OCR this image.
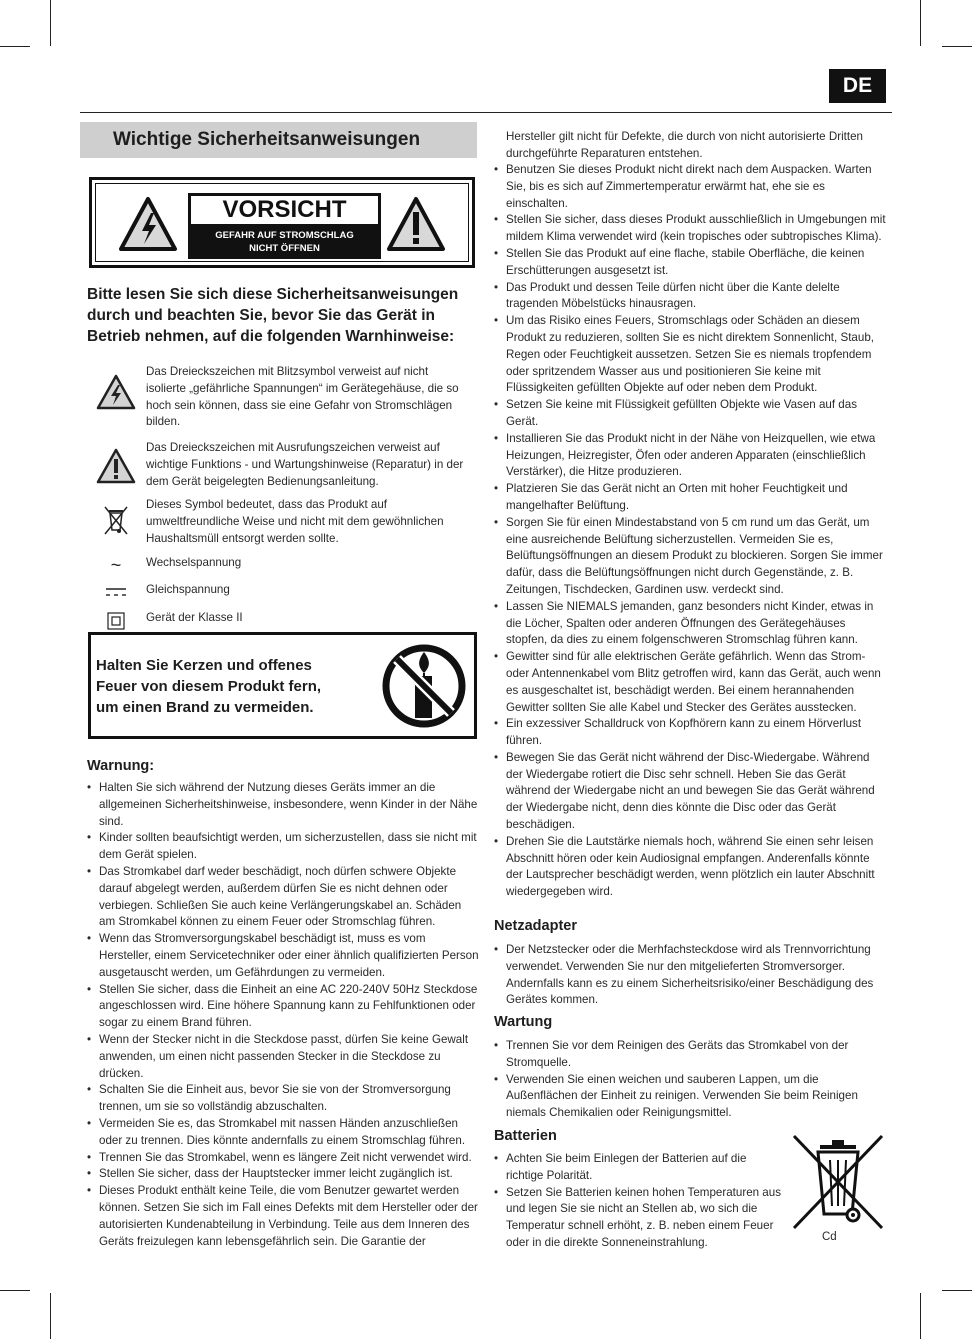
DE
Wichtige Sicherheitsanweisungen
VORSICHT
GEFAHR AUF STROMSCHLAG
NICHT ÖFFNEN
Bitte lesen Sie sich diese Sicherheitsanweisungen durch und beachten Sie, bevor Sie das Gerät in Betrieb nehmen, auf die folgenden Warnhinweise:
Das Dreieckszeichen mit Blitzsymbol verweist auf nicht isolierte „gefährliche Spannungen“ im Gerätegehäuse, die so hoch sein können, dass sie eine Gefahr von Stromschlägen bilden.
Das Dreieckszeichen mit Ausrufungszeichen verweist auf wichtige Funktions - und Wartungshinweise (Reparatur) in der dem Gerät beigelegten Bedienungsanleitung.
Dieses Symbol bedeutet, dass das Produkt auf umweltfreundliche Weise und nicht mit dem gewöhnlichen Haushaltsmüll entsorgt werden sollte.
~	Wechselspannung
Gleichspannung
Gerät der Klasse II
Halten Sie Kerzen und offenes Feuer von diesem Produkt fern, um einen Brand zu vermeiden.
Warnung:
• Halten Sie sich während der Nutzung dieses Geräts immer an die allgemeinen Sicherheitshinweise, insbesondere, wenn Kinder in der Nähe sind.
• Kinder sollten beaufsichtigt werden, um sicherzustellen, dass sie nicht mit dem Gerät spielen.
• Das Stromkabel darf weder beschädigt, noch dürfen schwere Objekte darauf abgelegt werden, außerdem dürfen Sie es nicht dehnen oder verbiegen. Schließen Sie auch keine Verlängerungskabel an. Schäden am Stromkabel können zu einem Feuer oder Stromschlag führen.
• Wenn das Stromversorgungskabel beschädigt ist, muss es vom Hersteller, einem Servicetechniker oder einer ähnlich qualifizierten Person ausgetauscht werden, um Gefährdungen zu vermeiden.
• Stellen Sie sicher, dass die Einheit an eine AC 220-240V 50Hz Steckdose angeschlossen wird. Eine höhere Spannung kann zu Fehlfunktionen oder sogar zu einem Brand führen.
• Wenn der Stecker nicht in die Steckdose passt, dürfen Sie keine Gewalt anwenden, um einen nicht passenden Stecker in die Steckdose zu drücken.
• Schalten Sie die Einheit aus, bevor Sie sie von der Stromversorgung trennen, um sie so vollständig abzuschalten.
• Vermeiden Sie es, das Stromkabel mit nassen Händen anzuschließen oder zu trennen. Dies könnte andernfalls zu einem Stromschlag führen.
• Trennen Sie das Stromkabel, wenn es längere Zeit nicht verwendet wird.
• Stellen Sie sicher, dass der Hauptstecker immer leicht zugänglich ist.
• Dieses Produkt enthält keine Teile, die vom Benutzer gewartet werden können. Setzen Sie sich im Fall eines Defekts mit dem Hersteller oder der autorisierten Kundenabteilung in Verbindung. Teile aus dem Inneren des Geräts freizulegen kann lebensgefährlich sein. Die Garantie der
Hersteller gilt nicht für Defekte, die durch von nicht autorisierte Dritten durchgeführte Reparaturen entstehen.
• Benutzen Sie dieses Produkt nicht direkt nach dem Auspacken. Warten Sie, bis es sich auf Zimmertemperatur erwärmt hat, ehe sie es einschalten.
• Stellen Sie sicher, dass dieses Produkt ausschließlich in Umgebungen mit mildem Klima verwendet wird (kein tropisches oder subtropisches Klima).
• Stellen Sie das Produkt auf eine flache, stabile Oberfläche, die keinen Erschütterungen ausgesetzt ist.
• Das Produkt und dessen Teile dürfen nicht über die Kante delelte tragenden Möbelstücks hinausragen.
• Um das Risiko eines Feuers, Stromschlags oder Schäden an diesem Produkt zu reduzieren, sollten Sie es nicht direktem Sonnenlicht, Staub, Regen oder Feuchtigkeit aussetzen. Setzen Sie es niemals tropfendem oder spritzendem Wasser aus und positionieren Sie keine mit Flüssigkeiten gefüllten Objekte auf oder neben dem Produkt.
• Setzen Sie keine mit Flüssigkeit gefüllten Objekte wie Vasen auf das Gerät.
• Installieren Sie das Produkt nicht in der Nähe von Heizquellen, wie etwa Heizungen, Heizregister, Öfen oder anderen Apparaten (einschließlich Verstärker), die Hitze produzieren.
• Platzieren Sie das Gerät nicht an Orten mit hoher Feuchtigkeit und mangelhafter Belüftung.
• Sorgen Sie für einen Mindestabstand von 5 cm rund um das Gerät, um eine ausreichende Belüftung sicherzustellen. Vermeiden Sie es, Belüftungsöffnungen an diesem Produkt zu blockieren. Sorgen Sie immer dafür, dass die Belüftungsöffnungen nicht durch Gegenstände, z. B. Zeitungen, Tischdecken, Gardinen usw. verdeckt sind.
• Lassen Sie NIEMALS jemanden, ganz besonders nicht Kinder, etwas in die Löcher, Spalten oder anderen Öffnungen des Gerätegehäuses stopfen, da dies zu einem folgenschweren Stromschlag führen kann.
• Gewitter sind für alle elektrischen Geräte gefährlich. Wenn das Strom- oder Antennenkabel vom Blitz getroffen wird, kann das Gerät, auch wenn es ausgeschaltet ist, beschädigt werden. Bei einem herannahenden Gewitter sollten Sie alle Kabel und Stecker des Gerätes ausstecken.
• Ein exzessiver Schalldruck von Kopfhörern kann zu einem Hörverlust führen.
• Bewegen Sie das Gerät nicht während der Disc-Wiedergabe. Während der Wiedergabe rotiert die Disc sehr schnell. Heben Sie das Gerät während der Wiedergabe nicht an und bewegen Sie das Gerät während der Wiedergabe nicht, denn dies könnte die Disc oder das Gerät beschädigen.
• Drehen Sie die Lautstärke niemals hoch, während Sie einen sehr leisen Abschnitt hören oder kein Audiosignal empfangen. Anderenfalls könnte der Lautsprecher beschädigt werden, wenn plötzlich ein lauter Abschnitt wiedergegeben wird.
Netzadapter
• Der Netzstecker oder die Merhfachsteckdose wird als Trennvorrichtung verwendet. Verwenden Sie nur den mitgelieferten Stromversorger. Andernfalls kann es zu einem Sicherheitsrisiko/einer Beschädigung des Gerätes kommen.
Wartung
• Trennen Sie vor dem Reinigen des Geräts das Stromkabel von der Stromquelle.
• Verwenden Sie einen weichen und sauberen Lappen, um die Außenflächen der Einheit zu reinigen. Verwenden Sie beim Reinigen niemals Chemikalien oder Reinigungsmittel.
Batterien
• Achten Sie beim Einlegen der Batterien auf die richtige Polarität.
• Setzen Sie Batterien keinen hohen Temperaturen aus und legen Sie sie nicht an Stellen ab, wo sich die Temperatur schnell erhöht, z. B. neben einem Feuer oder in die direkte Sonneneinstrahlung.	Cd
